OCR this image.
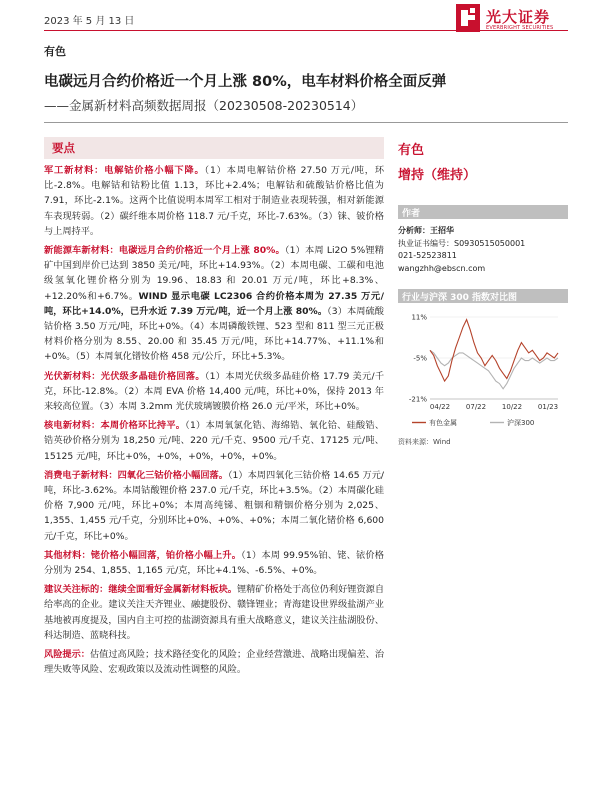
2023 年 5 月 13 日	光大证券
EVERBRIGHT SECURITIES
有色
电碳远月合约价格近一个月上涨 80%，电车材料价格全面反弹
——金属新材料高频数据周报（20230508-20230514）
要点

军工新材料：电解钴价格小幅下降。（1）本周电解钴价格 27.50 万元/吨，环比-2.8%。电解钴和钴粉比值 1.13，环比+2.4%；电解钴和硫酸钴价格比值为 7.91，环比-2.1%。这两个比值说明本周军工相对于制造业表现转强，相对新能源车表现转弱。（2）碳纤维本周价格 118.7 元/千克，环比-7.63%。（3）铼、铍价格与上周持平。

新能源车新材料：电碳远月合约价格近一个月上涨 80%。（1）本周 Li2O 5%锂精矿中国到岸价已达到 3850 美元/吨，环比+14.93%。（2）本周电碳、工碳和电池级氢氧化锂价格分别为 19.96、18.83 和 20.01 万元/吨，环比+8.3%、+12.20%和+6.7%。WIND 显示电碳 LC2306 合约价格本周为 27.35 万元/吨，环比+14.0%，已升水近 7.39 万元/吨，近一个月上涨 80%。（3）本周硫酸钴价格 3.50 万元/吨，环比+0%。（4）本周磷酸铁锂、523 型和 811 型三元正极材料价格分别为 8.55、20.00 和 35.45 万元/吨，环比+14.77%、+11.1%和+0%。（5）本周氧化镨钕价格 458 元/公斤，环比+5.3%。

光伏新材料：光伏级多晶硅价格回落。（1）本周光伏级多晶硅价格 17.79 美元/千克，环比-12.8%。（2）本周 EVA 价格 14,400 元/吨，环比+0%，保持 2013 年来较高位置。（3）本周 3.2mm 光伏玻璃镀膜价格 26.0 元/平米，环比+0%。

核电新材料：本周价格环比持平。（1）本周氧氯化锆、海绵锆、氧化铪、硅酸锆、锆英砂价格分别为 18,250 元/吨、220 元/千克、9500 元/千克、17125 元/吨、15125 元/吨，环比+0%，+0%，+0%，+0%，+0%。

消费电子新材料：四氧化三钴价格小幅回落。（1）本周四氧化三钴价格 14.65 万元/吨，环比-3.62%。本周钴酸锂价格 237.0 元/千克，环比+3.5%。（2）本周碳化硅价格 7,900 元/吨，环比+0%；本周高纯锑、粗铟和精铟价格分别为 2,025、1,355、1,455 元/千克，分别环比+0%、+0%、+0%；本周二氧化锗价格 6,600 元/千克，环比+0%。

其他材料：铑价格小幅回落，铂价格小幅上升。（1）本周 99.95%铂、铑、铱价格分别为 254、1,855、1,165 元/克，环比+4.1%、-6.5%、+0%。

建议关注标的：继续全面看好金属新材料板块。锂精矿价格处于高位仍利好锂资源自给率高的企业。建议关注天齐锂业、融捷股份、赣锋锂业；青海建设世界级盐湖产业基地被再度提及，国内自主可控的盐湖资源具有重大战略意义，建议关注盐湖股份、科达制造、蓝晓科技。

风险提示：估值过高风险；技术路径变化的风险；企业经营激进、战略出现偏差、治理失败等风险、宏观政策以及流动性调整的风险。

有色
增持（维持）
作者
分析师：王招华
执业证书编号：S0930515050001
021-52523811
wangzhh@ebscn.com
行业与沪深 300 指数对比图
11%
-5%
-21%
04/22 07/22 10/22 01/23
有色金属	沪深300
资料来源：Wind
